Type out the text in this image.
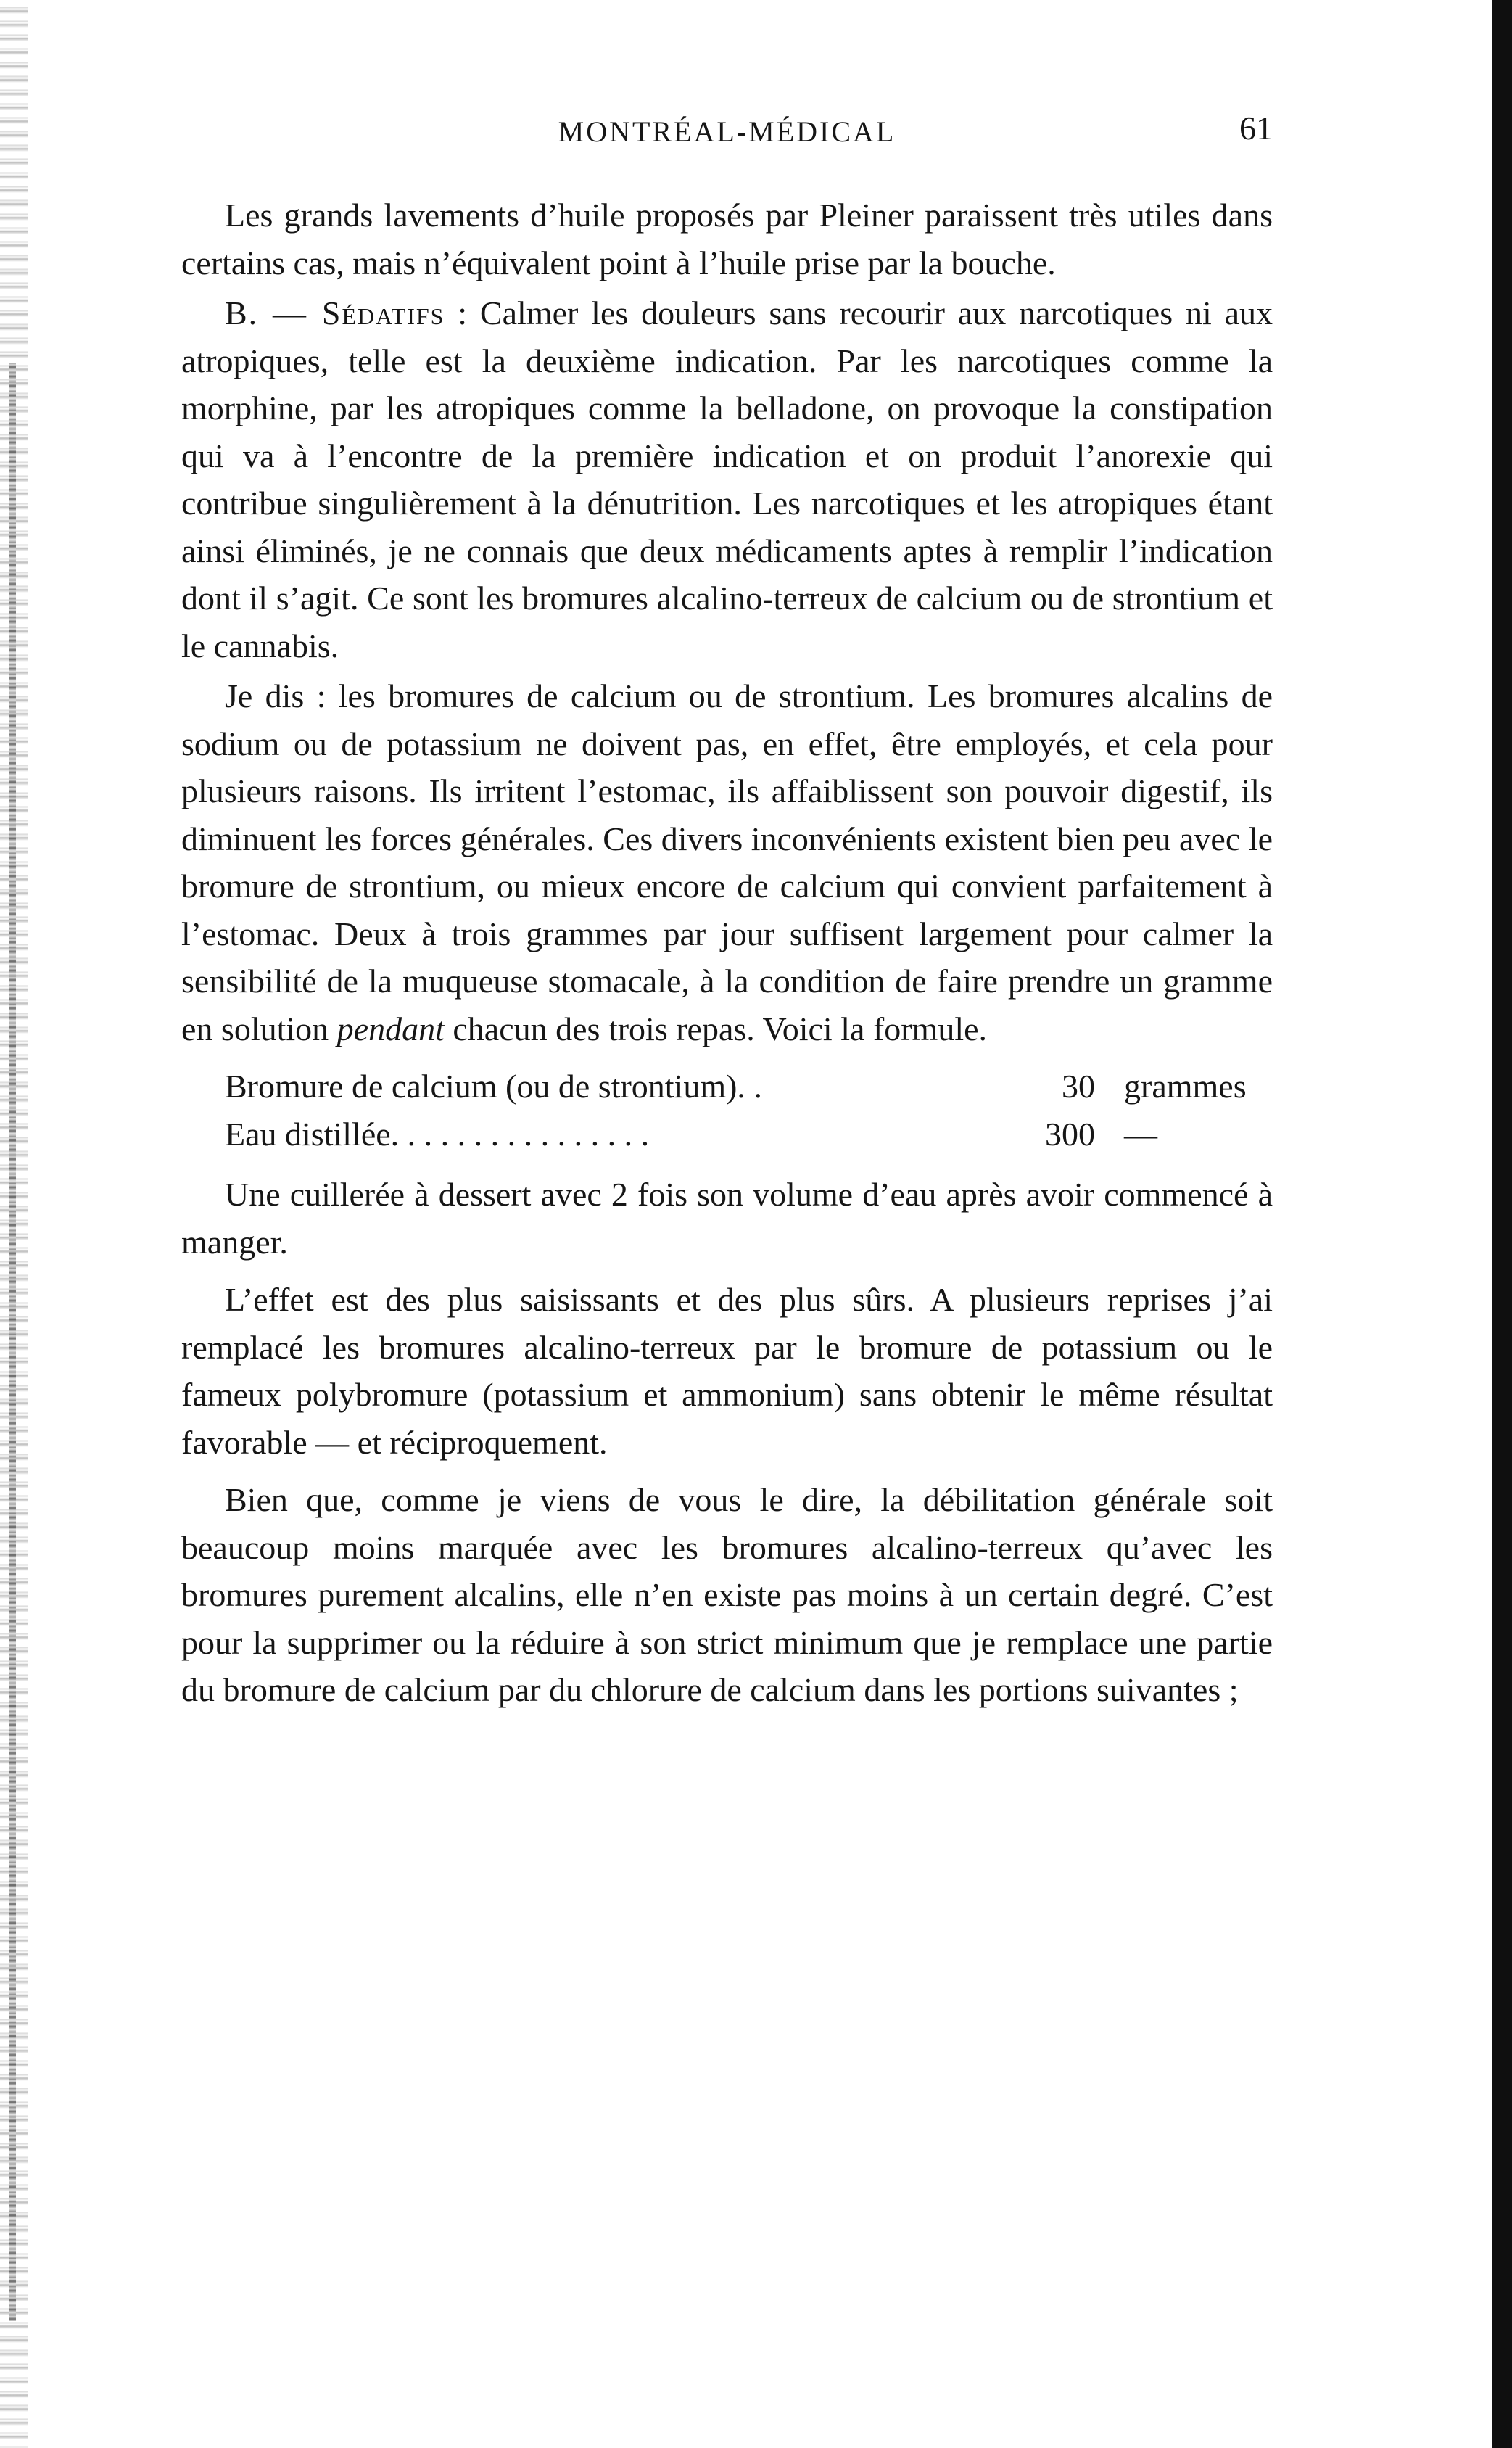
MONTRÉAL-MÉDICAL	61

Les grands lavements d’huile proposés par Pleiner paraissent très utiles dans certains cas, mais n’équivalent point à l’huile prise par la bouche.

B. — Sédatifs : Calmer les douleurs sans recourir aux narcotiques ni aux atropiques, telle est la deuxième indication. Par les narcotiques comme la morphine, par les atropiques comme la belladone, on provoque la constipation qui va à l’encontre de la première indication et on produit l’anorexie qui contribue singulièrement à la dénutrition. Les narcotiques et les atropiques étant ainsi éliminés, je ne connais que deux médicaments aptes à remplir l’indication dont il s’agit. Ce sont les bromures alcalino-terreux de calcium ou de strontium et le cannabis.

Je dis : les bromures de calcium ou de strontium. Les bromures alcalins de sodium ou de potassium ne doivent pas, en effet, être employés, et cela pour plusieurs raisons. Ils irritent l’estomac, ils affaiblissent son pouvoir digestif, ils diminuent les forces générales. Ces divers inconvénients existent bien peu avec le bromure de strontium, ou mieux encore de calcium qui convient parfaitement à l’estomac. Deux à trois grammes par jour suffisent largement pour calmer la sensibilité de la muqueuse stomacale, à la condition de faire prendre un gramme en solution pendant chacun des trois repas. Voici la formule.

Bromure de calcium (ou de strontium). .	30 grammes
Eau distillée. . . . . . . . . . . . . . . .	300 —

Une cuillerée à dessert avec 2 fois son volume d’eau après avoir commencé à manger.

L’effet est des plus saisissants et des plus sûrs. A plusieurs reprises j’ai remplacé les bromures alcalino-terreux par le bromure de potassium ou le fameux polybromure (potassium et ammonium) sans obtenir le même résultat favorable — et réciproquement.

Bien que, comme je viens de vous le dire, la débilitation générale soit beaucoup moins marquée avec les bromures alcalino-terreux qu’avec les bromures purement alcalins, elle n’en existe pas moins à un certain degré. C’est pour la supprimer ou la réduire à son strict minimum que je remplace une partie du bromure de calcium par du chlorure de calcium dans les portions suivantes ;
